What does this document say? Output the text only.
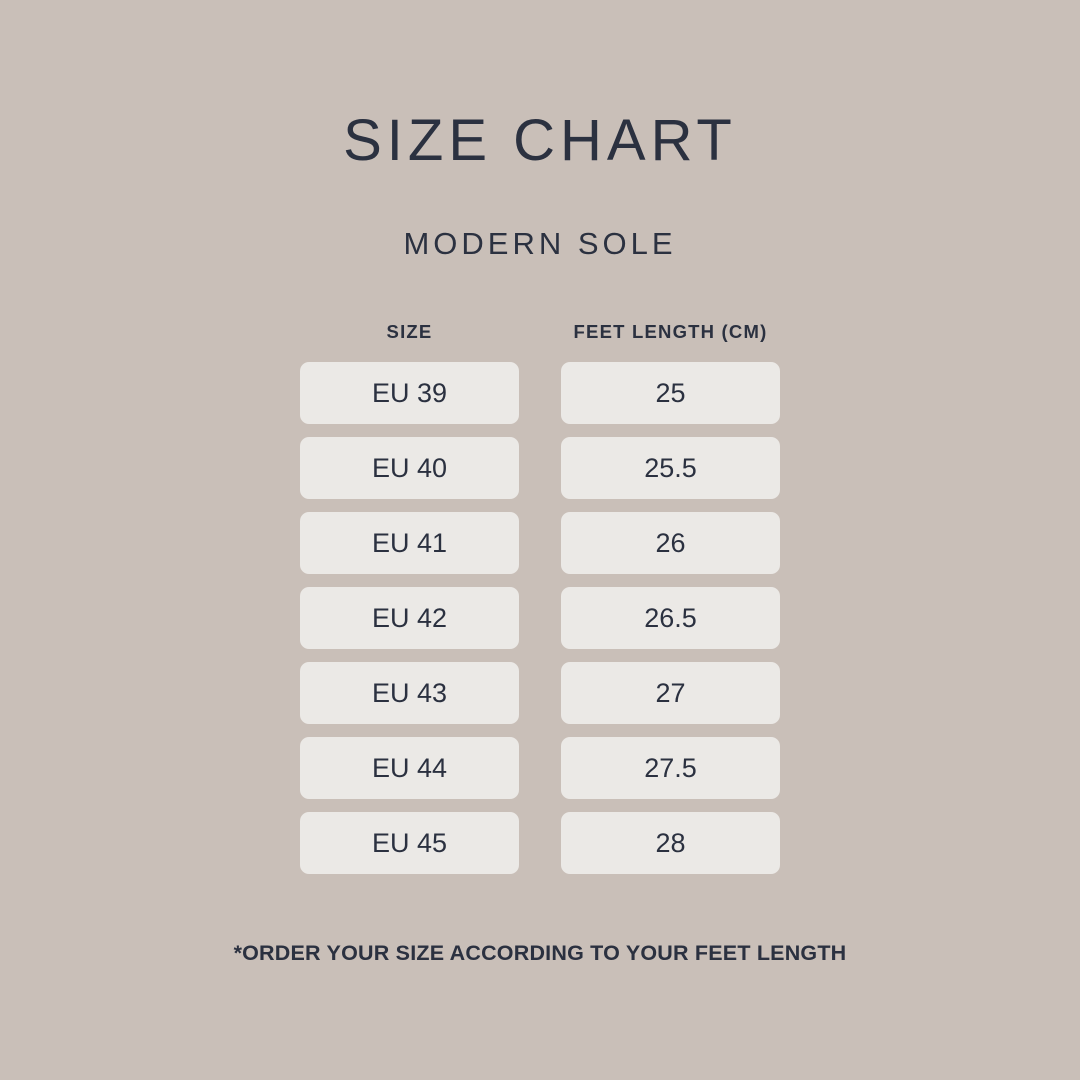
SIZE CHART
MODERN SOLE
SIZE	FEET LENGTH (CM)
EU 39	25
EU 40	25.5
EU 41	26
EU 42	26.5
EU 43	27
EU 44	27.5
EU 45	28
*ORDER YOUR SIZE ACCORDING TO YOUR FEET LENGTH
